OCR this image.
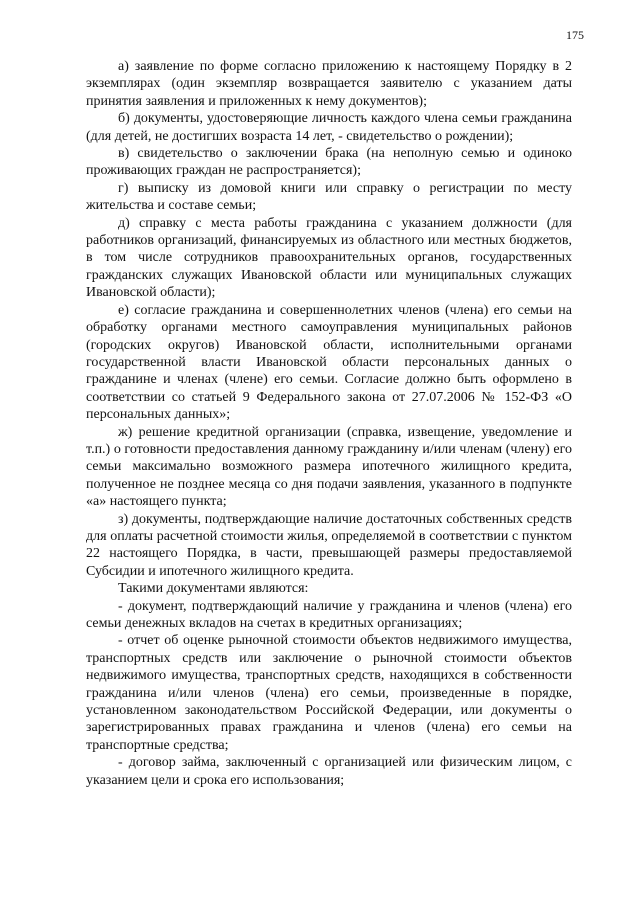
175

а) заявление по форме согласно приложению к настоящему Порядку в 2 экземплярах (один экземпляр возвращается заявителю с указанием даты принятия заявления и приложенных к нему документов);

б) документы, удостоверяющие личность каждого члена семьи гражданина (для детей, не достигших возраста 14 лет, - свидетельство о рождении);

в) свидетельство о заключении брака (на неполную семью и одиноко проживающих граждан не распространяется);

г) выписку из домовой книги или справку о регистрации по месту жительства и составе семьи;

д) справку с места работы гражданина с указанием должности (для работников организаций, финансируемых из областного или местных бюджетов, в том числе сотрудников правоохранительных органов, государственных гражданских служащих Ивановской области или муниципальных служащих Ивановской области);

е) согласие гражданина и совершеннолетних членов (члена) его семьи на обработку органами местного самоуправления муниципальных районов (городских округов) Ивановской области, исполнительными органами государственной власти Ивановской области персональных данных о гражданине и членах (члене) его семьи. Согласие должно быть оформлено в соответствии со статьей 9 Федерального закона от 27.07.2006 № 152-ФЗ «О персональных данных»;

ж) решение кредитной организации (справка, извещение, уведомление и т.п.) о готовности предоставления данному гражданину и/или членам (члену) его семьи максимально возможного размера ипотечного жилищного кредита, полученное не позднее месяца со дня подачи заявления, указанного в подпункте «а» настоящего пункта;

з) документы, подтверждающие наличие достаточных собственных средств для оплаты расчетной стоимости жилья, определяемой в соответствии с пунктом 22 настоящего Порядка, в части, превышающей размеры предоставляемой Субсидии и ипотечного жилищного кредита.

Такими документами являются:

- документ, подтверждающий наличие у гражданина и членов (члена) его семьи денежных вкладов на счетах в кредитных организациях;

- отчет об оценке рыночной стоимости объектов недвижимого имущества, транспортных средств или заключение о рыночной стоимости объектов недвижимого имущества, транспортных средств, находящихся в собственности гражданина и/или членов (члена) его семьи, произведенные в порядке, установленном законодательством Российской Федерации, или документы о зарегистрированных правах гражданина и членов (члена) его семьи на транспортные средства;

- договор займа, заключенный с организацией или физическим лицом, с указанием цели и срока его использования;
